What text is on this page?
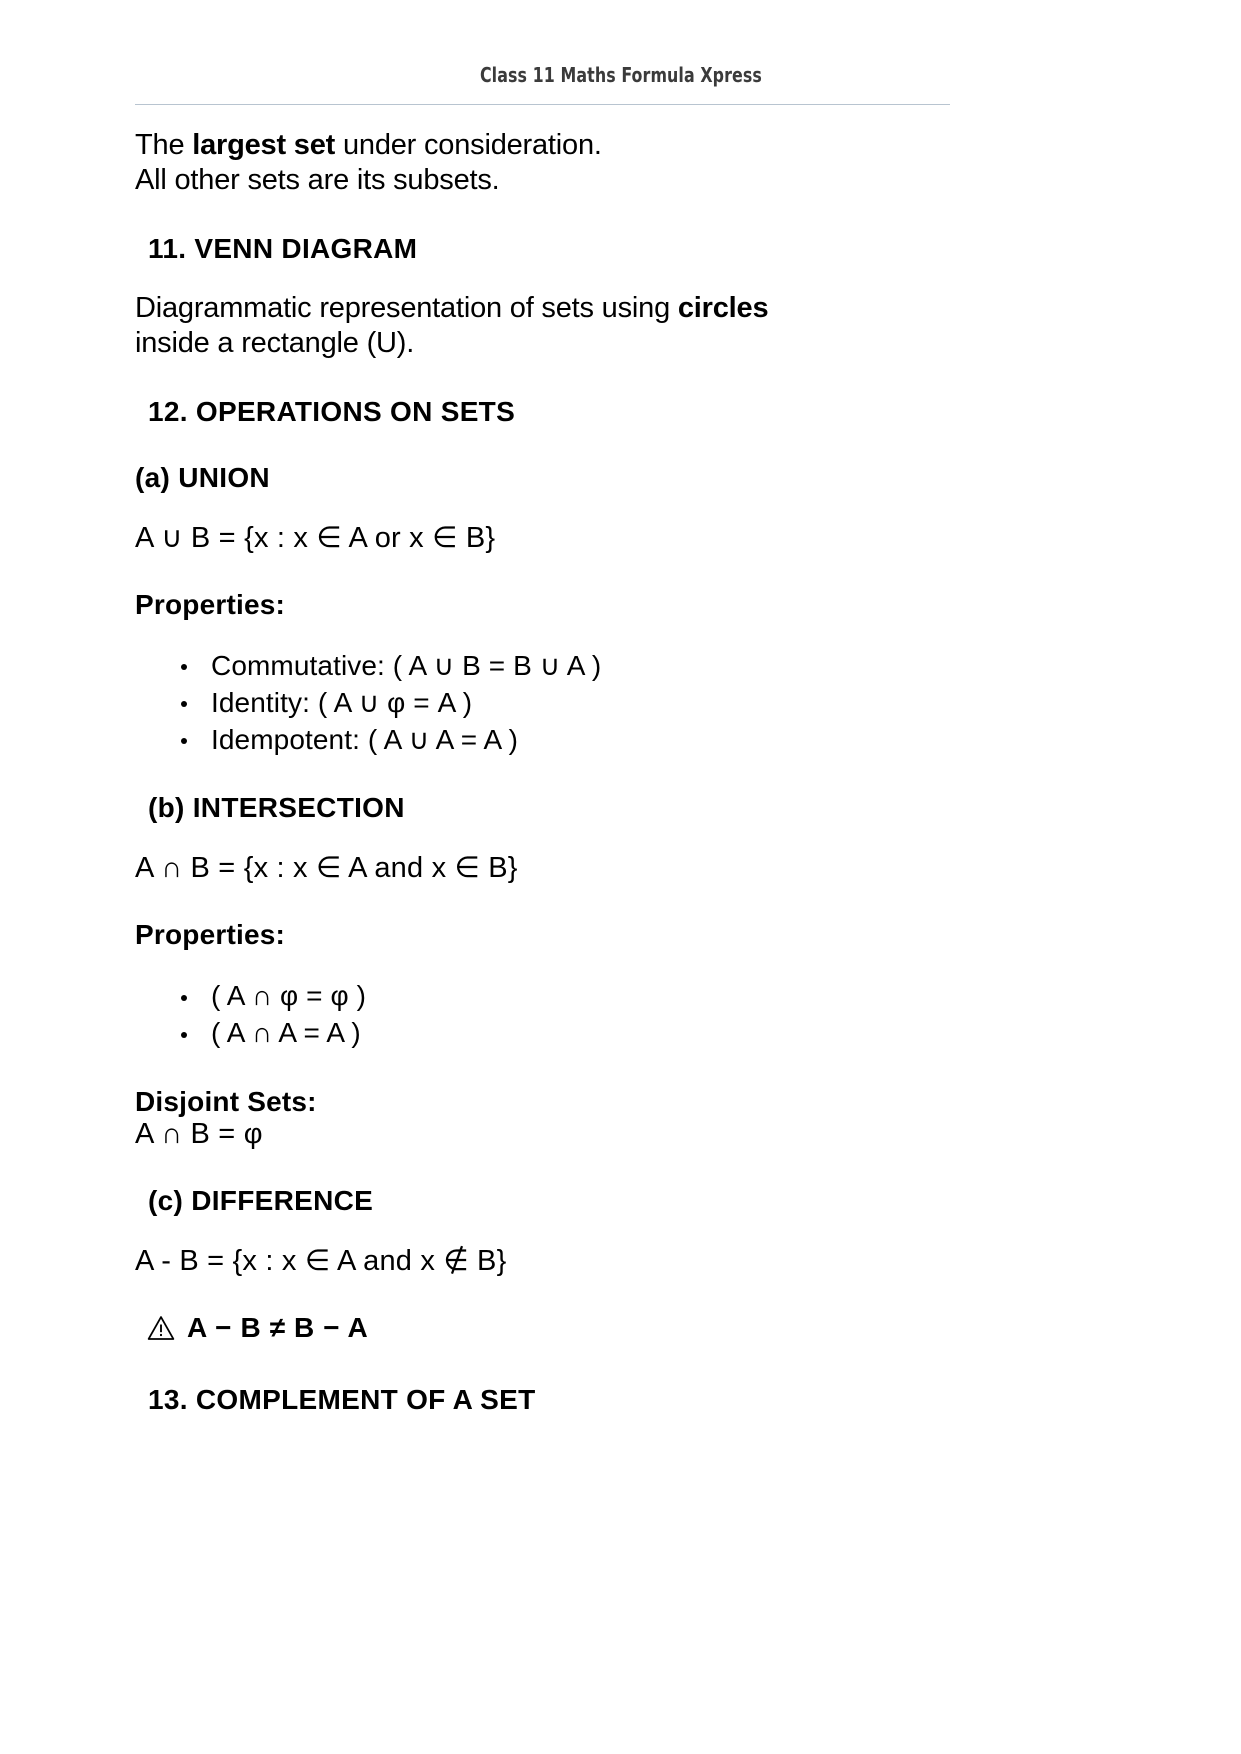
Class 11 Maths Formula Xpress

The largest set under consideration.
All other sets are its subsets.

11. VENN DIAGRAM

Diagrammatic representation of sets using circles
inside a rectangle (U).

12. OPERATIONS ON SETS
(a) UNION

A ∪ B = {x : x ∈ A or x ∈ B}

Properties:

Commutative: ( A ∪ B = B ∪ A )
Identity: ( A ∪ φ = A )
Idempotent: ( A ∪ A = A )
(b) INTERSECTION

A ∩ B = {x : x ∈ A and x ∈ B}

Properties:

( A ∩ φ = φ )
( A ∩ A = A )

Disjoint Sets:

A ∩ B = φ

(c) DIFFERENCE

A - B = {x : x ∈ A and x ∉ B}

A − B ≠ B − A
13. COMPLEMENT OF A SET
